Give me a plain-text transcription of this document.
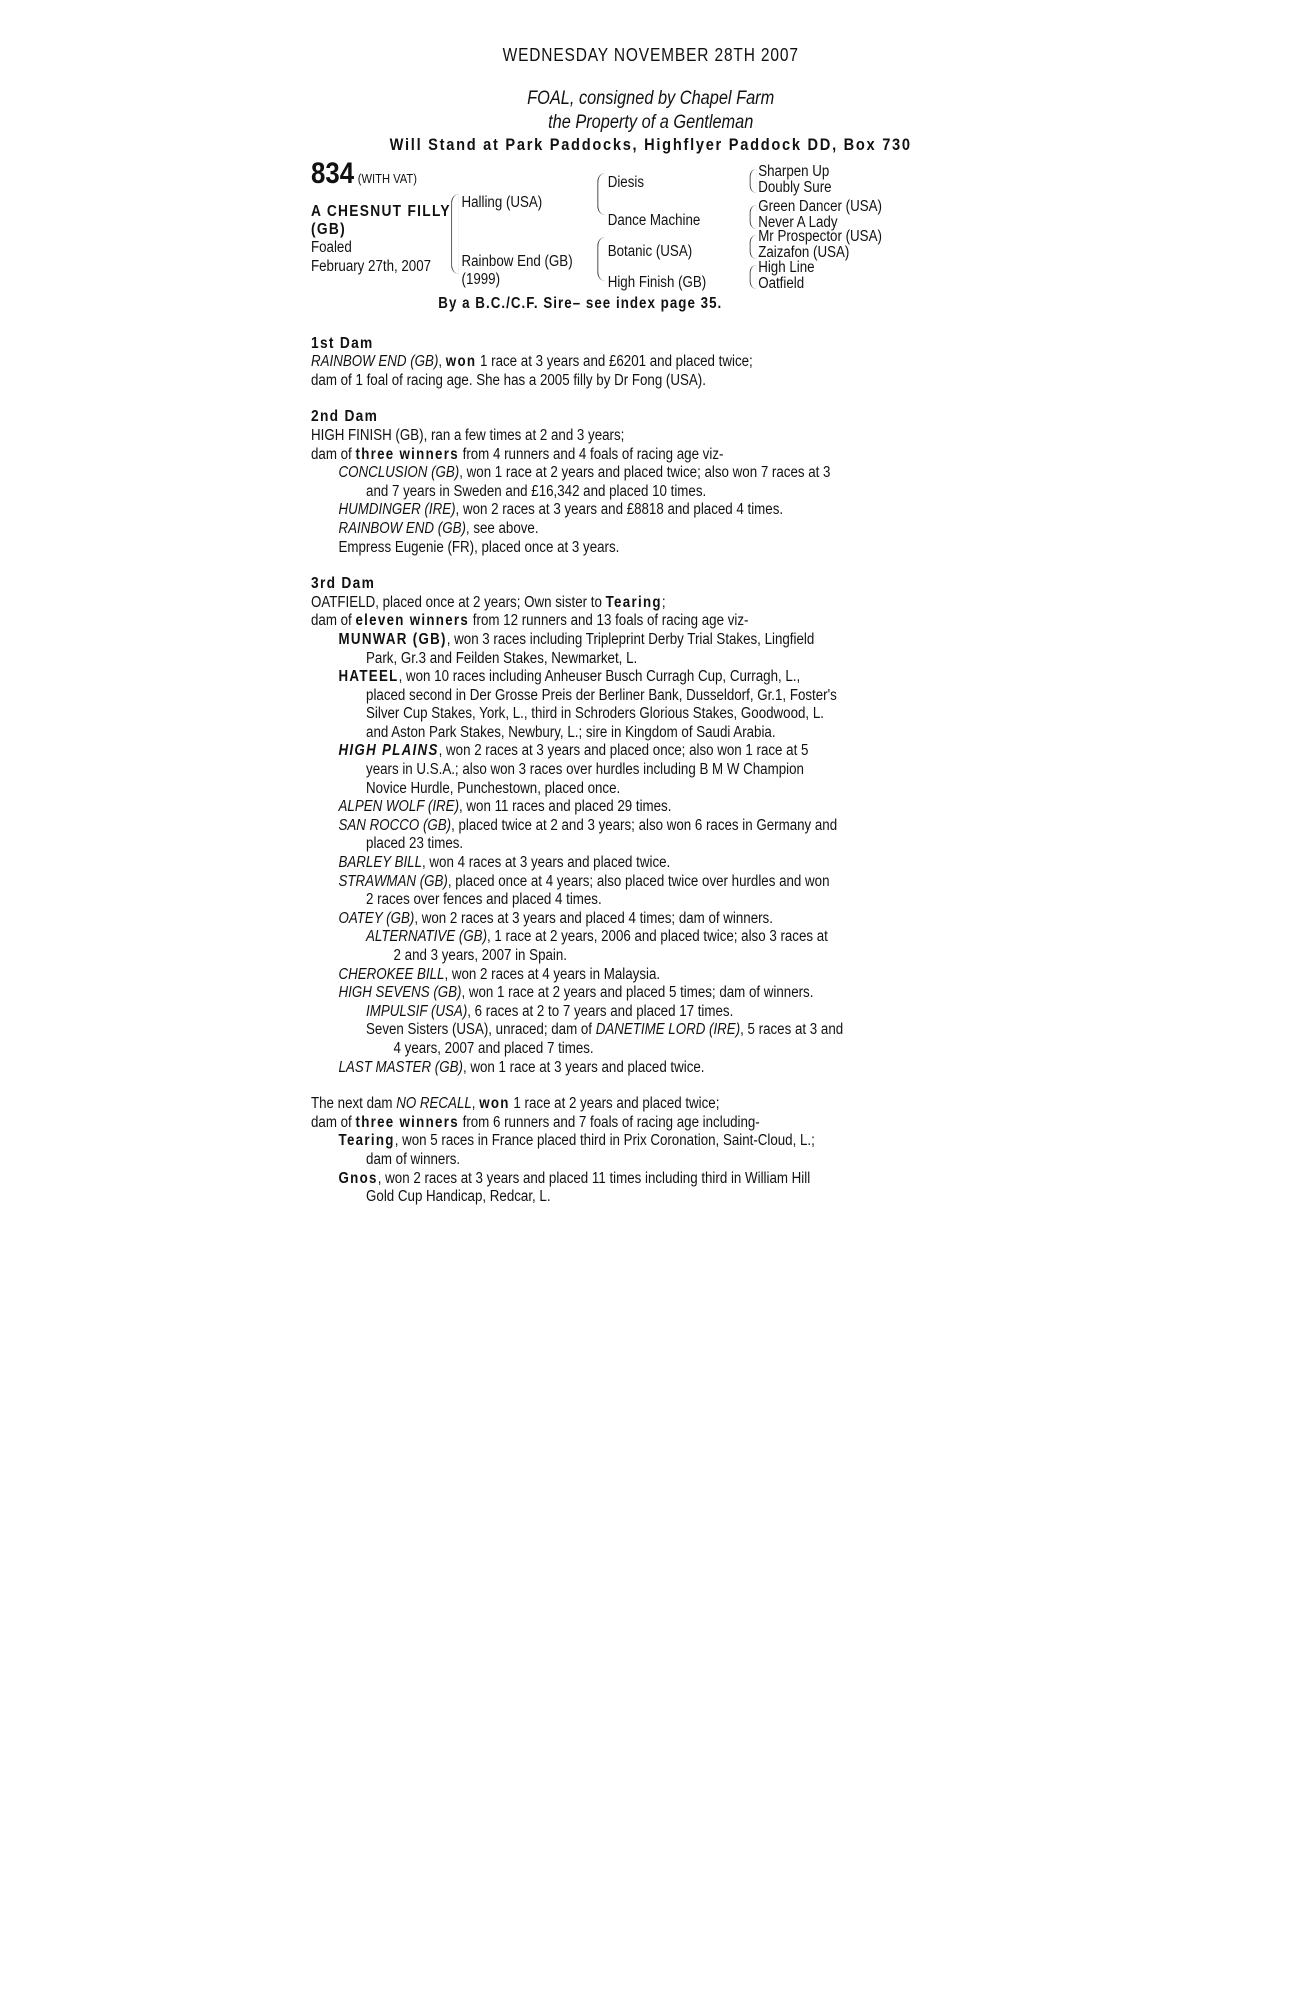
WEDNESDAY NOVEMBER 28TH 2007
FOAL, consigned by Chapel Farm
the Property of a Gentleman
Will Stand at Park Paddocks, Highflyer Paddock DD, Box 730
834 (WITH VAT)
A CHESNUT FILLY
(GB)
Foaled
February 27th, 2007
Halling (USA)
Rainbow End (GB)
(1999)
Diesis
Dance Machine
Botanic (USA)
High Finish (GB)
Sharpen Up
Doubly Sure
Green Dancer (USA)
Never A Lady
Mr Prospector (USA)
Zaizafon (USA)
High Line
Oatfield
By a B.C./C.F. Sire– see index page 35.

1st Dam

RAINBOW END (GB), won 1 race at 3 years and £6201 and placed twice;

dam of 1 foal of racing age. She has a 2005 filly by Dr Fong (USA).

2nd Dam

HIGH FINISH (GB), ran a few times at 2 and 3 years;

dam of three winners from 4 runners and 4 foals of racing age viz-

CONCLUSION (GB), won 1 race at 2 years and placed twice; also won 7 races at 3
and 7 years in Sweden and £16,342 and placed 10 times.

HUMDINGER (IRE), won 2 races at 3 years and £8818 and placed 4 times.

RAINBOW END (GB), see above.

Empress Eugenie (FR), placed once at 3 years.

3rd Dam

OATFIELD, placed once at 2 years; Own sister to Tearing;

dam of eleven winners from 12 runners and 13 foals of racing age viz-

MUNWAR (GB), won 3 races including Tripleprint Derby Trial Stakes, Lingfield
Park, Gr.3 and Feilden Stakes, Newmarket, L.

HATEEL, won 10 races including Anheuser Busch Curragh Cup, Curragh, L.,
placed second in Der Grosse Preis der Berliner Bank, Dusseldorf, Gr.1, Foster's
Silver Cup Stakes, York, L., third in Schroders Glorious Stakes, Goodwood, L.
and Aston Park Stakes, Newbury, L.; sire in Kingdom of Saudi Arabia.

HIGH PLAINS, won 2 races at 3 years and placed once; also won 1 race at 5
years in U.S.A.; also won 3 races over hurdles including B M W Champion
Novice Hurdle, Punchestown, placed once.

ALPEN WOLF (IRE), won 11 races and placed 29 times.

SAN ROCCO (GB), placed twice at 2 and 3 years; also won 6 races in Germany and
placed 23 times.

BARLEY BILL, won 4 races at 3 years and placed twice.

STRAWMAN (GB), placed once at 4 years; also placed twice over hurdles and won
2 races over fences and placed 4 times.

OATEY (GB), won 2 races at 3 years and placed 4 times; dam of winners.

ALTERNATIVE (GB), 1 race at 2 years, 2006 and placed twice; also 3 races at
2 and 3 years, 2007 in Spain.

CHEROKEE BILL, won 2 races at 4 years in Malaysia.

HIGH SEVENS (GB), won 1 race at 2 years and placed 5 times; dam of winners.

IMPULSIF (USA), 6 races at 2 to 7 years and placed 17 times.

Seven Sisters (USA), unraced; dam of DANETIME LORD (IRE), 5 races at 3 and
4 years, 2007 and placed 7 times.

LAST MASTER (GB), won 1 race at 3 years and placed twice.

The next dam NO RECALL, won 1 race at 2 years and placed twice;

dam of three winners from 6 runners and 7 foals of racing age including-

Tearing, won 5 races in France placed third in Prix Coronation, Saint-Cloud, L.;
dam of winners.

Gnos, won 2 races at 3 years and placed 11 times including third in William Hill
Gold Cup Handicap, Redcar, L.
